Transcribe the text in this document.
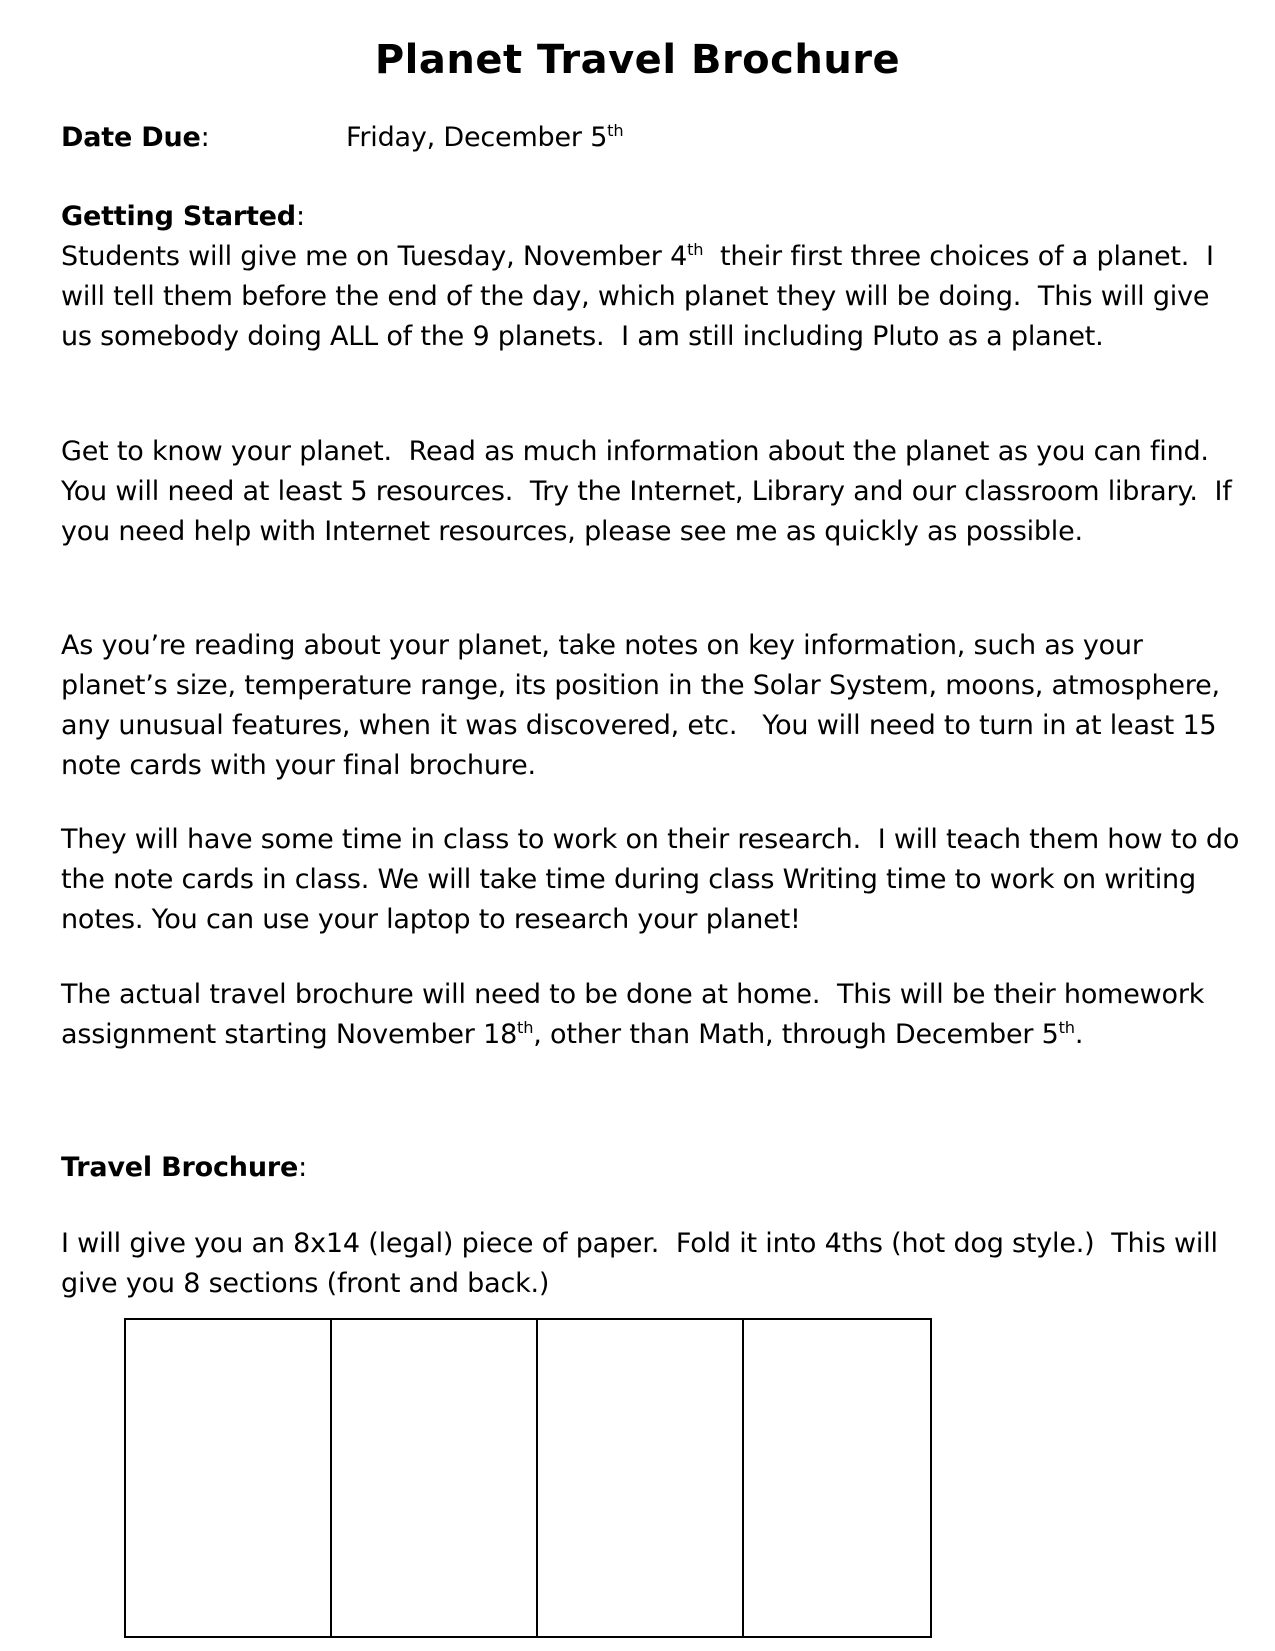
Planet Travel Brochure
Date Due:	Friday, December 5th
Getting Started:

Students will give me on Tuesday, November 4th  their first three choices of a planet.  I will tell them before the end of the day, which planet they will be doing.  This will give us somebody doing ALL of the 9 planets.  I am still including Pluto as a planet.

Get to know your planet.  Read as much information about the planet as you can find.  You will need at least 5 resources.  Try the Internet, Library and our classroom library.  If you need help with Internet resources, please see me as quickly as possible.

As you’re reading about your planet, take notes on key information, such as your planet’s size, temperature range, its position in the Solar System, moons, atmosphere, any unusual features, when it was discovered, etc.   You will need to turn in at least 15 note cards with your final brochure.

They will have some time in class to work on their research.  I will teach them how to do the note cards in class. We will take time during class Writing time to work on writing notes. You can use your laptop to research your planet!

The actual travel brochure will need to be done at home.  This will be their homework assignment starting November 18th, other than Math, through December 5th.

Travel Brochure:

I will give you an 8x14 (legal) piece of paper.  Fold it into 4ths (hot dog style.)  This will give you 8 sections (front and back.)
